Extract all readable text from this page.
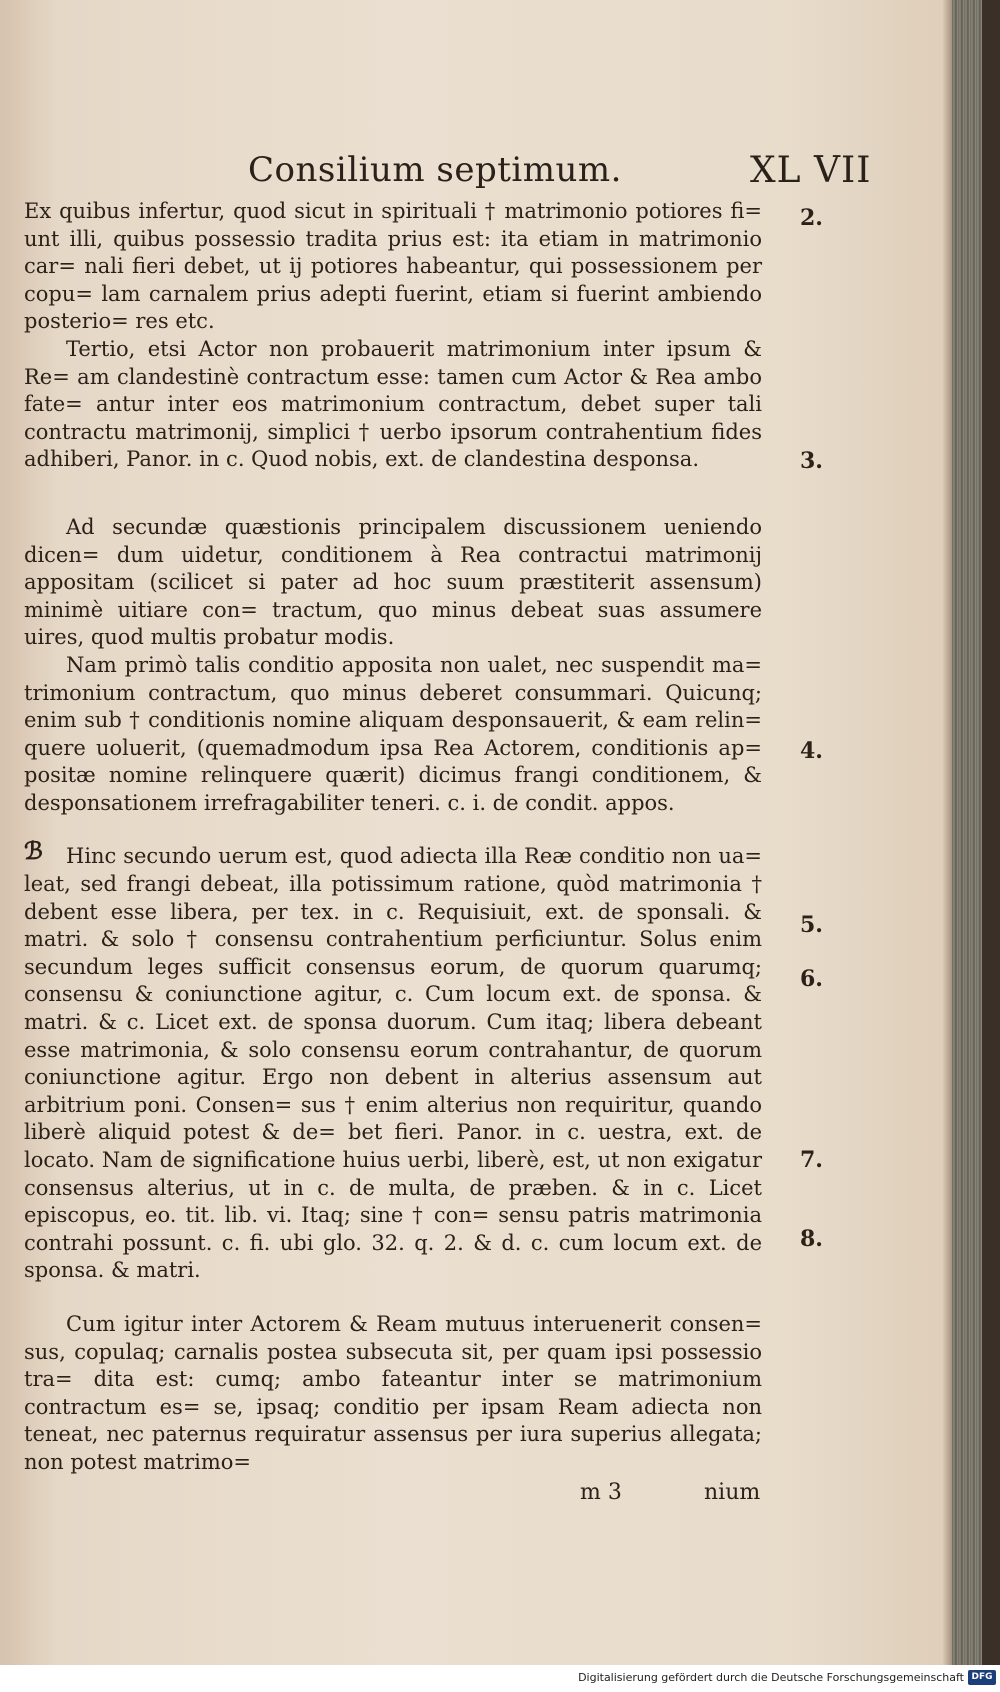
Consilium septimum.	XL VII

Ex quibus infertur, quod sicut in spirituali † matrimonio potiores fi= unt illi, quibus possessio tradita prius est: ita etiam in matrimonio car= nali fieri debet, ut ij potiores habeantur, qui possessionem per copu= lam carnalem prius adepti fuerint, etiam si fuerint ambiendo posterio= res etc.

Tertio, etsi Actor non probauerit matrimonium inter ipsum & Re= am clandestinè contractum esse: tamen cum Actor & Rea ambo fate= antur inter eos matrimonium contractum, debet super tali contractu matrimonij, simplici † uerbo ipsorum contrahentium fides adhiberi, Panor. in c. Quod nobis, ext. de clandestina desponsa.

Ad secundæ quæstionis principalem discussionem ueniendo dicen= dum uidetur, conditionem à Rea contractui matrimonij appositam (scilicet si pater ad hoc suum præstiterit assensum) minimè uitiare con= tractum, quo minus debeat suas assumere uires, quod multis probatur modis.

Nam primò talis conditio apposita non ualet, nec suspendit ma= trimonium contractum, quo minus deberet consummari. Quicunq; enim sub † conditionis nomine aliquam desponsauerit, & eam relin= quere uoluerit, (quemadmodum ipsa Rea Actorem, conditionis ap= positæ nomine relinquere quærit) dicimus frangi conditionem, & desponsationem irrefragabiliter teneri. c. i. de condit. appos.

Hinc secundo uerum est, quod adiecta illa Reæ conditio non ua= leat, sed frangi debeat, illa potissimum ratione, quòd matrimonia † debent esse libera, per tex. in c. Requisiuit, ext. de sponsali. & matri. & solo † consensu contrahentium perficiuntur. Solus enim secundum leges sufficit consensus eorum, de quorum quarumq; consensu & coniunctione agitur, c. Cum locum ext. de sponsa. & matri. & c. Licet ext. de sponsa duorum. Cum itaq; libera debeant esse matrimonia, & solo consensu eorum contrahantur, de quorum coniunctione agitur. Ergo non debent in alterius assensum aut arbitrium poni. Consen= sus † enim alterius non requiritur, quando liberè aliquid potest & de= bet fieri. Panor. in c. uestra, ext. de locato. Nam de significatione huius uerbi, liberè, est, ut non exigatur consensus alterius, ut in c. de multa, de præben. & in c. Licet episcopus, eo. tit. lib. vi. Itaq; sine † con= sensu patris matrimonia contrahi possunt. c. fi. ubi glo. 32. q. 2. & d. c. cum locum ext. de sponsa. & matri.

Cum igitur inter Actorem & Ream mutuus interuenerit consen= sus, copulaq; carnalis postea subsecuta sit, per quam ipsi possessio tra= dita est: cumq; ambo fateantur inter se matrimonium contractum es= se, ipsaq; conditio per ipsam Ream adiecta non teneat, nec paternus requiratur assensus per iura superius allegata; non potest matrimo=

ℬ
2.
3.
4.
5.
6.
7.
8.
m 3	nium
Digitalisierung gefördert durch die Deutsche Forschungsgemeinschaft DFG
